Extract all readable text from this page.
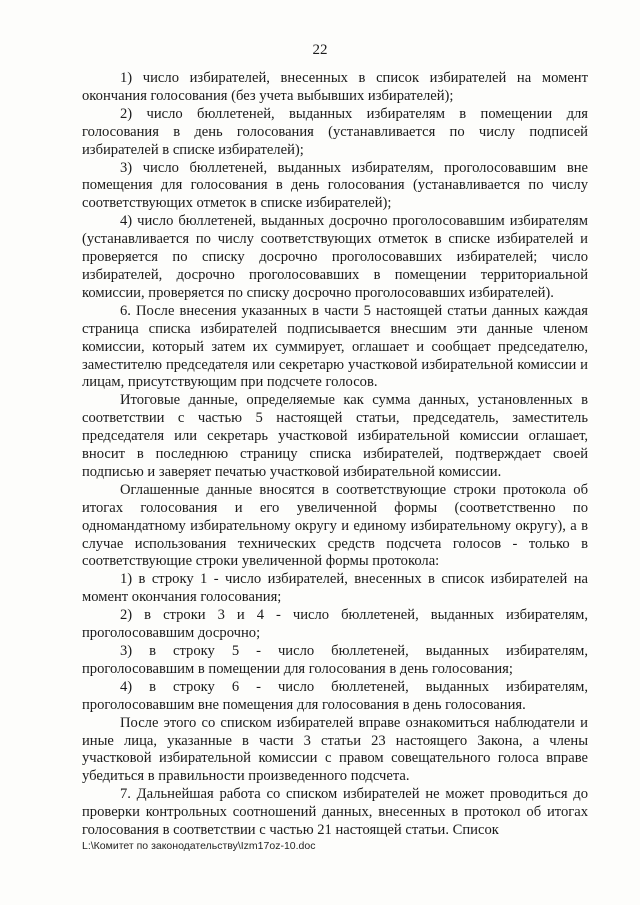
22

1) число избирателей, внесенных в список избирателей на момент окончания голосования (без учета выбывших избирателей);

2) число бюллетеней, выданных избирателям в помещении для голосования в день голосования (устанавливается по числу подписей избирателей в списке избирателей);

3) число бюллетеней, выданных избирателям, проголосовавшим вне помещения для голосования в день голосования (устанавливается по числу соответствующих отметок в списке избирателей);

4) число бюллетеней, выданных досрочно проголосовавшим избирателям (устанавливается по числу соответствующих отметок в списке избирателей и проверяется по списку досрочно проголосовавших избирателей; число избирателей, досрочно проголосовавших в помещении территориальной комиссии, проверяется по списку досрочно проголосовавших избирателей).

6. После внесения указанных в части 5 настоящей статьи данных каждая страница списка избирателей подписывается внесшим эти данные членом комиссии, который затем их суммирует, оглашает и сообщает председателю, заместителю председателя или секретарю участковой избирательной комиссии и лицам, присутствующим при подсчете голосов.

Итоговые данные, определяемые как сумма данных, установленных в соответствии с частью 5 настоящей статьи, председатель, заместитель председателя или секретарь участковой избирательной комиссии оглашает, вносит в последнюю страницу списка избирателей, подтверждает своей подписью и заверяет печатью участковой избирательной комиссии.

Оглашенные данные вносятся в соответствующие строки протокола об итогах голосования и его увеличенной формы (соответственно по одномандатному избирательному округу и единому избирательному округу), а в случае использования технических средств подсчета голосов - только в соответствующие строки увеличенной формы протокола:

1) в строку 1 - число избирателей, внесенных в список избирателей на момент окончания голосования;

2) в строки 3 и 4 - число бюллетеней, выданных избирателям, проголосовавшим досрочно;

3) в строку 5 - число бюллетеней, выданных избирателям, проголосовавшим в помещении для голосования в день голосования;

4) в строку 6 - число бюллетеней, выданных избирателям, проголосовавшим вне помещения для голосования в день голосования.

После этого со списком избирателей вправе ознакомиться наблюдатели и иные лица, указанные в части 3 статьи 23 настоящего Закона, а члены участковой избирательной комиссии с правом совещательного голоса вправе убедиться в правильности произведенного подсчета.

7. Дальнейшая работа со списком избирателей не может проводиться до проверки контрольных соотношений данных, внесенных в протокол об итогах голосования в соответствии с частью 21 настоящей статьи. Список

L:\Комитет по законодательству\Izm17oz-10.doc
